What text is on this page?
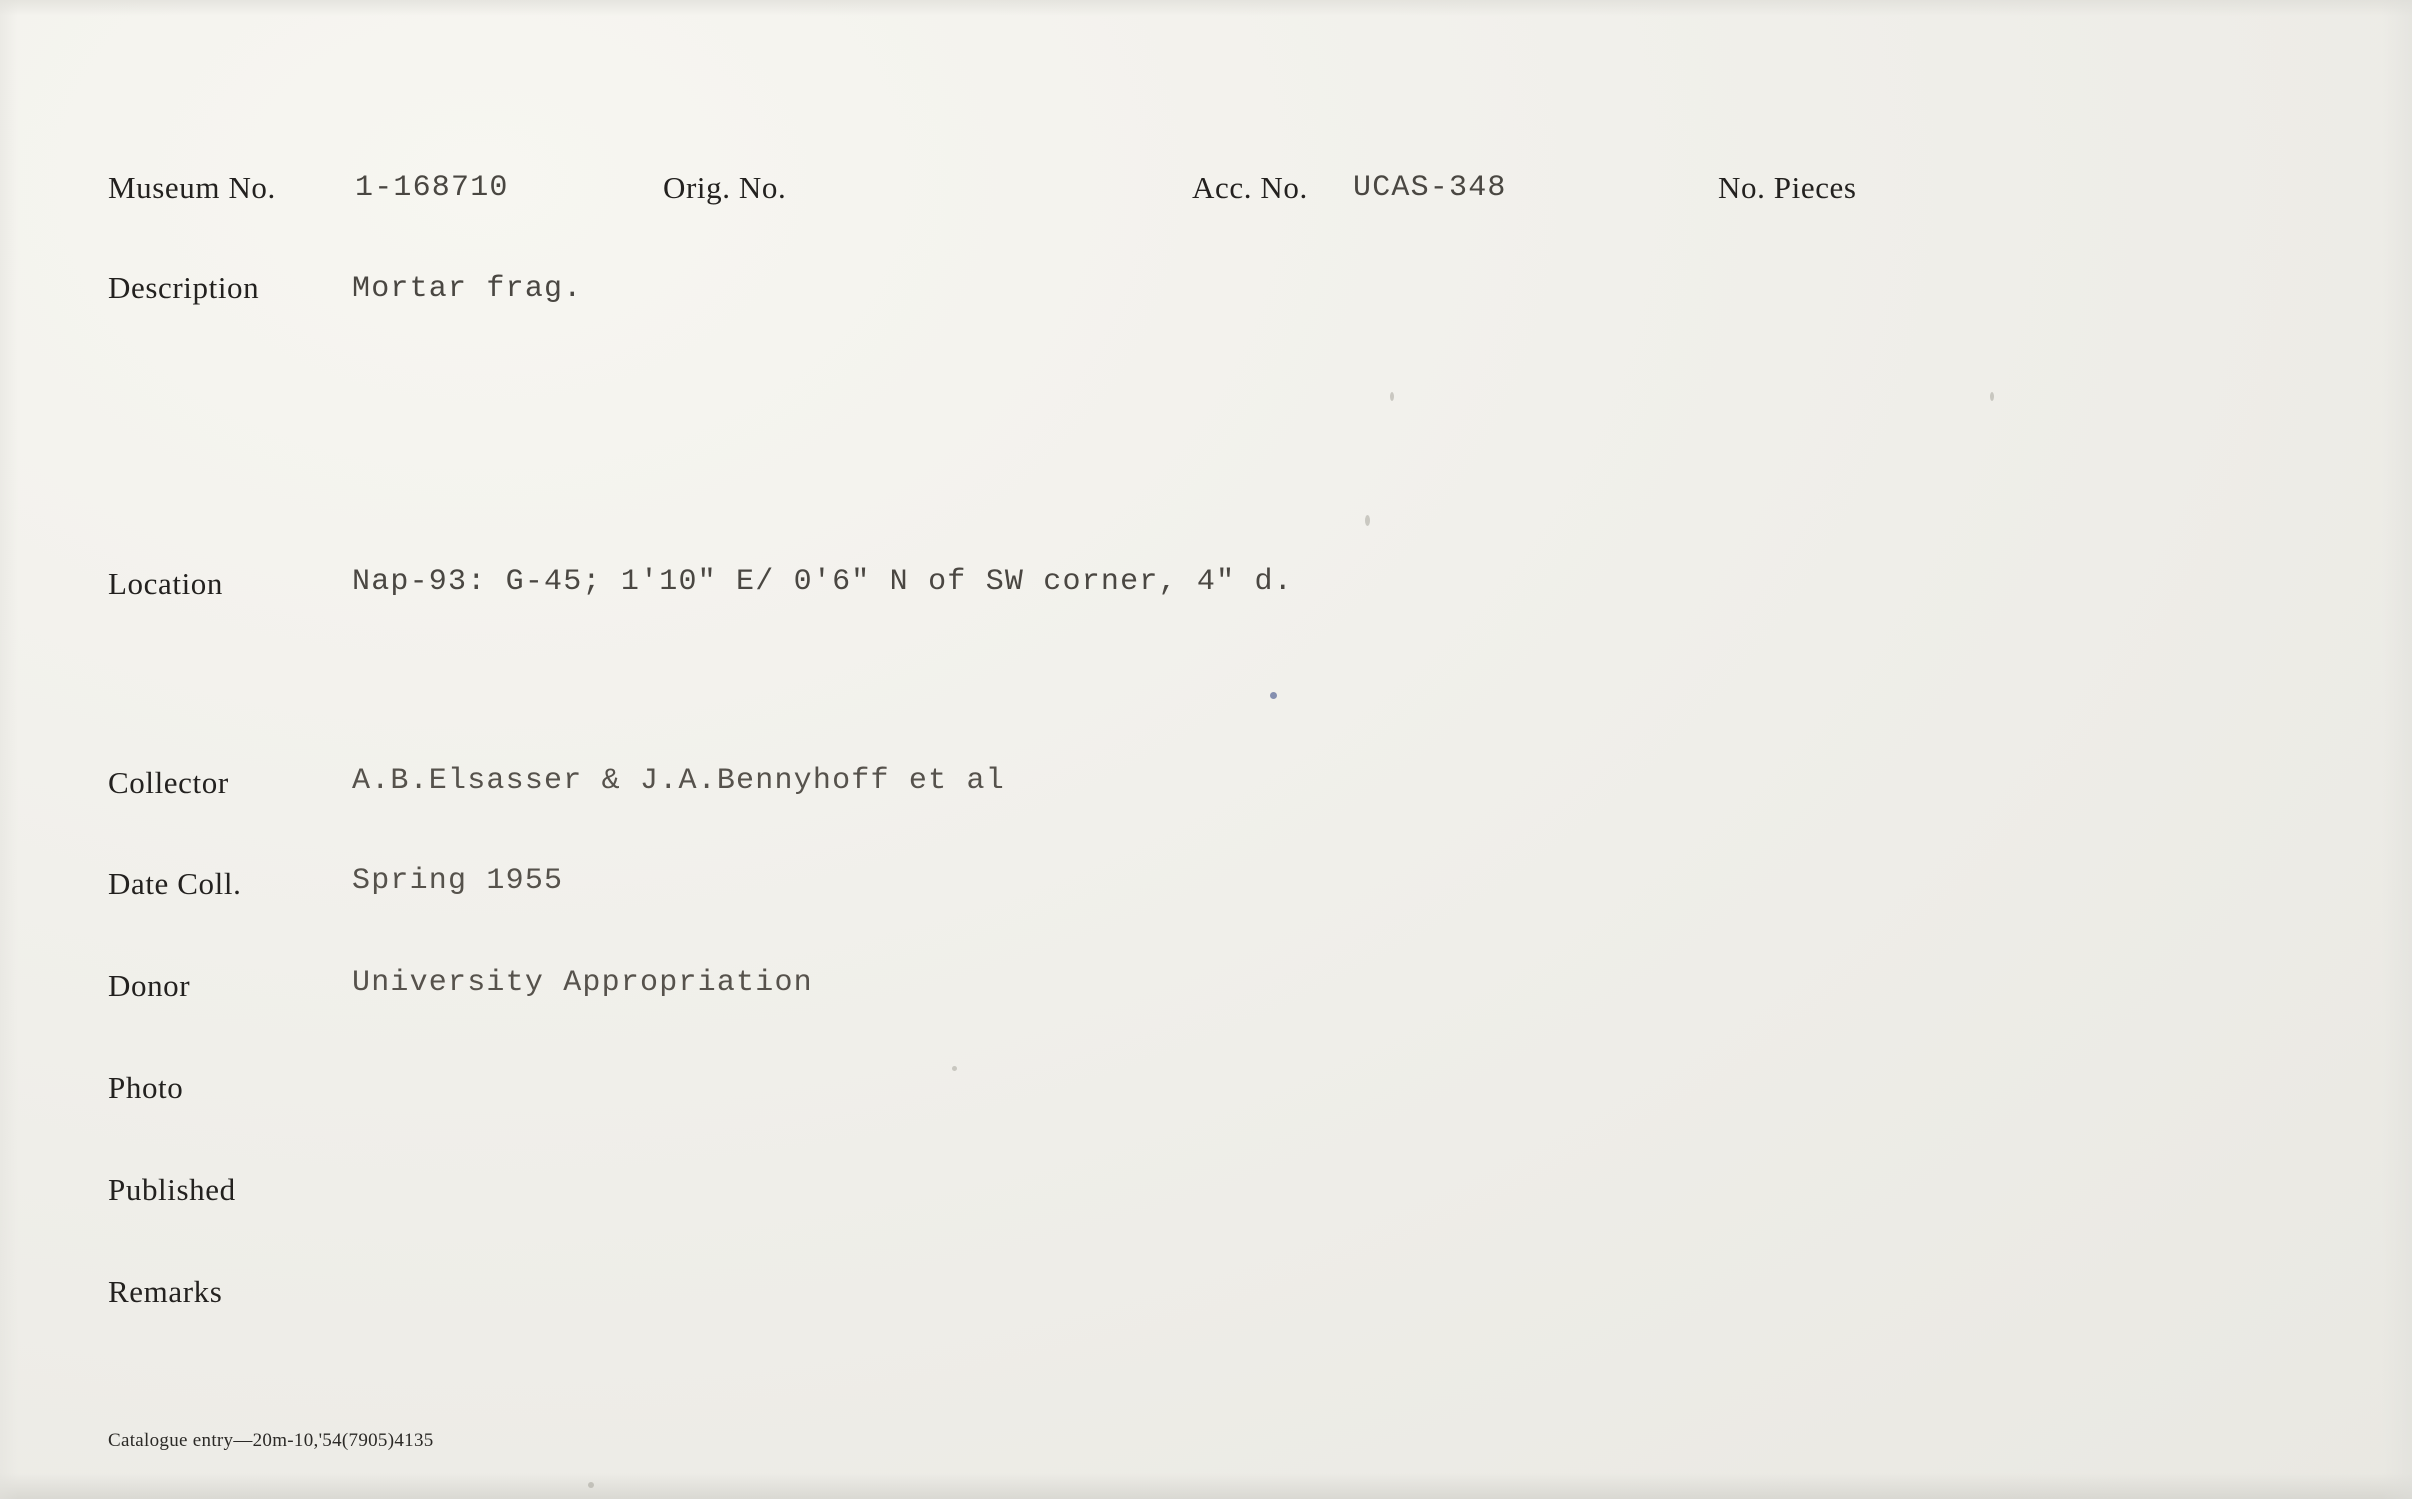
Museum No.	1-168710	Orig. No.	Acc. No. UCAS-348	No. Pieces
Description	Mortar frag.
Location	Nap-93: G-45; 1'10" E/ 0'6" N of SW corner, 4" d.
Collector	A.B.Elsasser & J.A.Bennyhoff et al
Date Coll.	Spring 1955
Donor	University Appropriation
Photo
Published
Remarks
Catalogue entry—20m-10,'54(7905)4135
